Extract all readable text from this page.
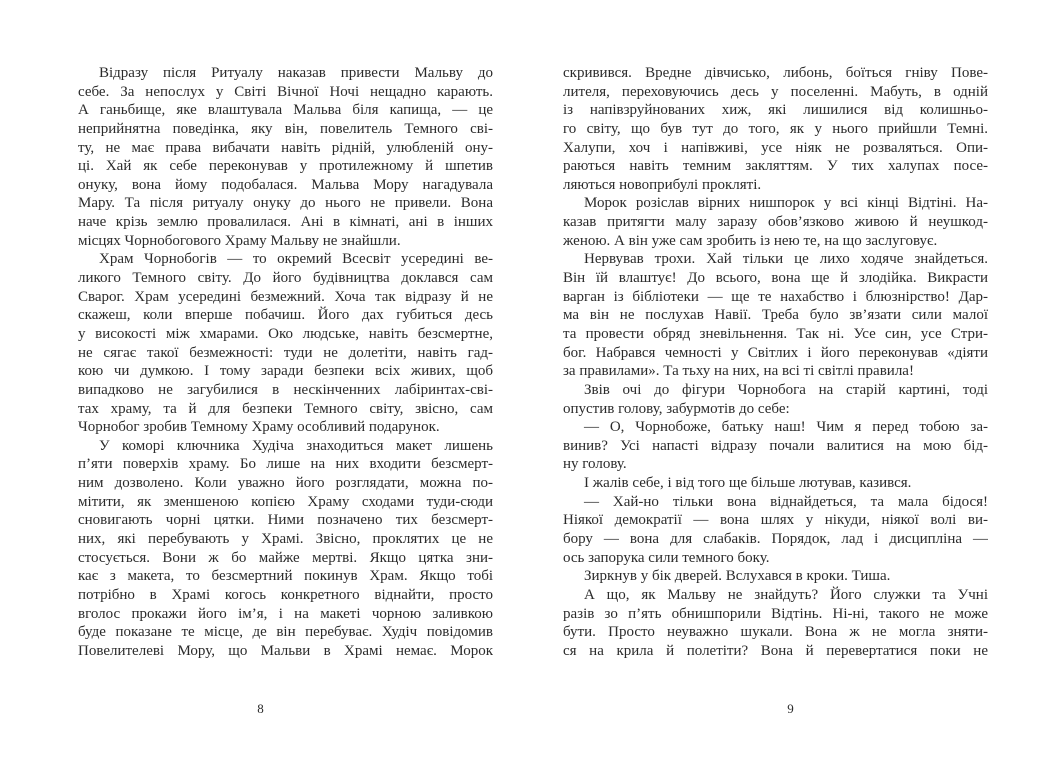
Відразу після Ритуалу наказав привести Мальву до
себе. За непослух у Світі Вічної Ночі нещадно карають.
А ганьбище, яке влаштувала Мальва біля капища, — це
неприйнятна поведінка, яку він, повелитель Темного сві-
ту, не має права вибачати навіть рідній, улюбленій ону-
ці. Хай як себе переконував у протилежному й шпетив
онуку, вона йому подобалася. Мальва Мору нагадувала
Мару. Та після ритуалу онуку до нього не привели. Вона
наче крізь землю провалилася. Ані в кімнаті, ані в інших
місцях Чорнобогового Храму Мальву не знайшли.
Храм Чорнобогів — то окремий Всесвіт усередині ве-
ликого Темного світу. До його будівництва доклався сам
Сварог. Храм усередині безмежний. Хоча так відразу й не
скажеш, коли вперше побачиш. Його дах губиться десь
у високості між хмарами. Око людське, навіть безсмертне,
не сягає такої безмежності: туди не долетіти, навіть гад-
кою чи думкою. І тому заради безпеки всіх живих, щоб
випадково не загубилися в нескінченних лабіринтах-сві-
тах храму, та й для безпеки Темного світу, звісно, сам
Чорнобог зробив Темному Храму особливий подарунок.
У коморі ключника Худіча знаходиться макет лишень
п’яти поверхів храму. Бо лише на них входити безсмерт-
ним дозволено. Коли уважно його розглядати, можна по-
мітити, як зменшеною копією Храму сходами туди-сюди
сновигають чорні цятки. Ними позначено тих безсмерт-
них, які перебувають у Храмі. Звісно, проклятих це не
стосується. Вони ж бо майже мертві. Якщо цятка зни-
кає з макета, то безсмертний покинув Храм. Якщо тобі
потрібно в Храмі когось конкретного віднайти, просто
вголос прокажи його ім’я, і на макеті чорною заливкою
буде показане те місце, де він перебуває. Худіч повідомив
Повелителеві Мору, що Мальви в Храмі немає. Морок
8
скривився. Вредне дівчисько, либонь, боїться гніву Пове-
лителя, переховуючись десь у поселенні. Мабуть, в одній
із напівзруйнованих хиж, які лишилися від колишньо-
го світу, що був тут до того, як у нього прийшли Темні.
Халупи, хоч і напівживі, усе ніяк не розваляться. Опи-
раються навіть темним закляттям. У тих халупах посе-
ляються новоприбулі прокляті.
Морок розіслав вірних нишпорок у всі кінці Відтіні. На-
казав притягти малу заразу обов’язково живою й неушкод-
женою. А він уже сам зробить із нею те, на що заслуговує.
Нервував трохи. Хай тільки це лихо ходяче знайдеться.
Він їй влаштує! До всього, вона ще й злодійка. Викрасти
варган із бібліотеки — ще те нахабство і блюзнірство! Дар-
ма він не послухав Навії. Треба було зв’язати сили малої
та провести обряд зневільнення. Так ні. Усе син, усе Стри-
бог. Набрався чемності у Світлих і його переконував «діяти
за правилами». Та тьху на них, на всі ті світлі правила!
Звів очі до фігури Чорнобога на старій картині, тоді
опустив голову, забурмотів до себе:
— О, Чорнобоже, батьку наш! Чим я перед тобою за-
винив? Усі напасті відразу почали валитися на мою бід-
ну голову.
І жалів себе, і від того ще більше лютував, казився.
— Хай-но тільки вона віднайдеться, та мала бідося!
Ніякої демократії — вона шлях у нікуди, ніякої волі ви-
бору — вона для слабаків. Порядок, лад і дисципліна —
ось запорука сили темного боку.
Зиркнув у бік дверей. Вслухався в кроки. Тиша.
А що, як Мальву не знайдуть? Його служки та Учні
разів зо п’ять обнишпорили Відтінь. Ні-ні, такого не може
бути. Просто неуважно шукали. Вона ж не могла зняти-
ся на крила й полетіти? Вона й перевертатися поки не
9
